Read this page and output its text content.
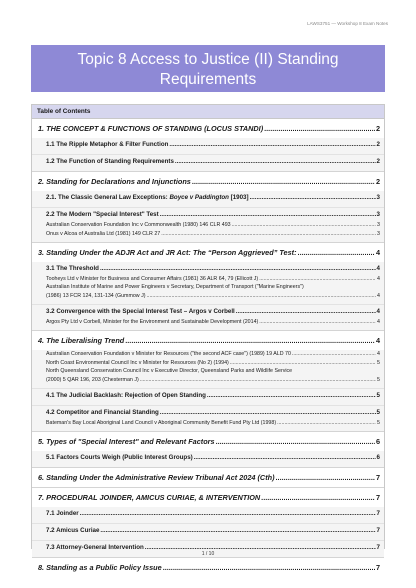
LAWS3751 — Workshop 8 Exam Notes
Topic 8 Access to Justice (II) Standing
Requirements
Table of Contents
1. THE CONCEPT & FUNCTIONS OF STANDING (LOCUS STANDI) .....	2
1.1 The Ripple Metaphor & Filter Function .....	2
1.2 The Function of Standing Requirements .....	2
2. Standing for Declarations and Injunctions .....	2
2.1. The Classic General Law Exceptions: Boyce v Paddington [1903] .....	3
2.2 The Modern "Special Interest" Test .....	3
Australian Conservation Foundation Inc v Commonwealth (1980) 146 CLR 493 .....	3
Onus v Alcoa of Australia Ltd (1981) 149 CLR 27 .....	3
3. Standing Under the ADJR Act and JR Act: The “Person Aggrieved” Test: .....	4
3.1 The Threshold .....	4
Tooheys Ltd v Minister for Business and Consumer Affairs (1981) 36 ALR 64, 79 (Ellicott J) .....	4
Australian Institute of Marine and Power Engineers v Secretary, Department of Transport ("Marine Engineers")
(1986) 13 FCR 124, 131-134 (Gummow J) .....	4
3.2 Convergence with the Special Interest Test – Argos v Corbell .....	4
Argos Pty Ltd v Corbell, Minister for the Environment and Sustainable Development (2014) .....	4
4. The Liberalising Trend .....	4
Australian Conservation Foundation v Minister for Resources ("the second ACF case") (1989) 19 ALD 70 .....	4
North Coast Environmental Council Inc v Minister for Resources (No 2) (1994) .....	5
North Queensland Conservation Council Inc v Executive Director, Queensland Parks and Wildlife Service
(2000) 5 QAR 196, 203 (Chesterman J) .....	5
4.1 The Judicial Backlash: Rejection of Open Standing .....	5
4.2 Competitor and Financial Standing .....	5
Bateman's Bay Local Aboriginal Land Council v Aboriginal Community Benefit Fund Pty Ltd (1998) .....	5
5. Types of "Special Interest" and Relevant Factors .....	6
5.1 Factors Courts Weigh (Public Interest Groups) .....	6
6. Standing Under the Administrative Review Tribunal Act 2024 (Cth) .....	7
7. PROCEDURAL JOINDER, AMICUS CURIAE, & INTERVENTION .....	7
7.1 Joinder .....	7
7.2 Amicus Curiae .....	7
7.3 Attorney-General Intervention .....	7
8. Standing as a Public Policy Issue .....	7
1 / 10
